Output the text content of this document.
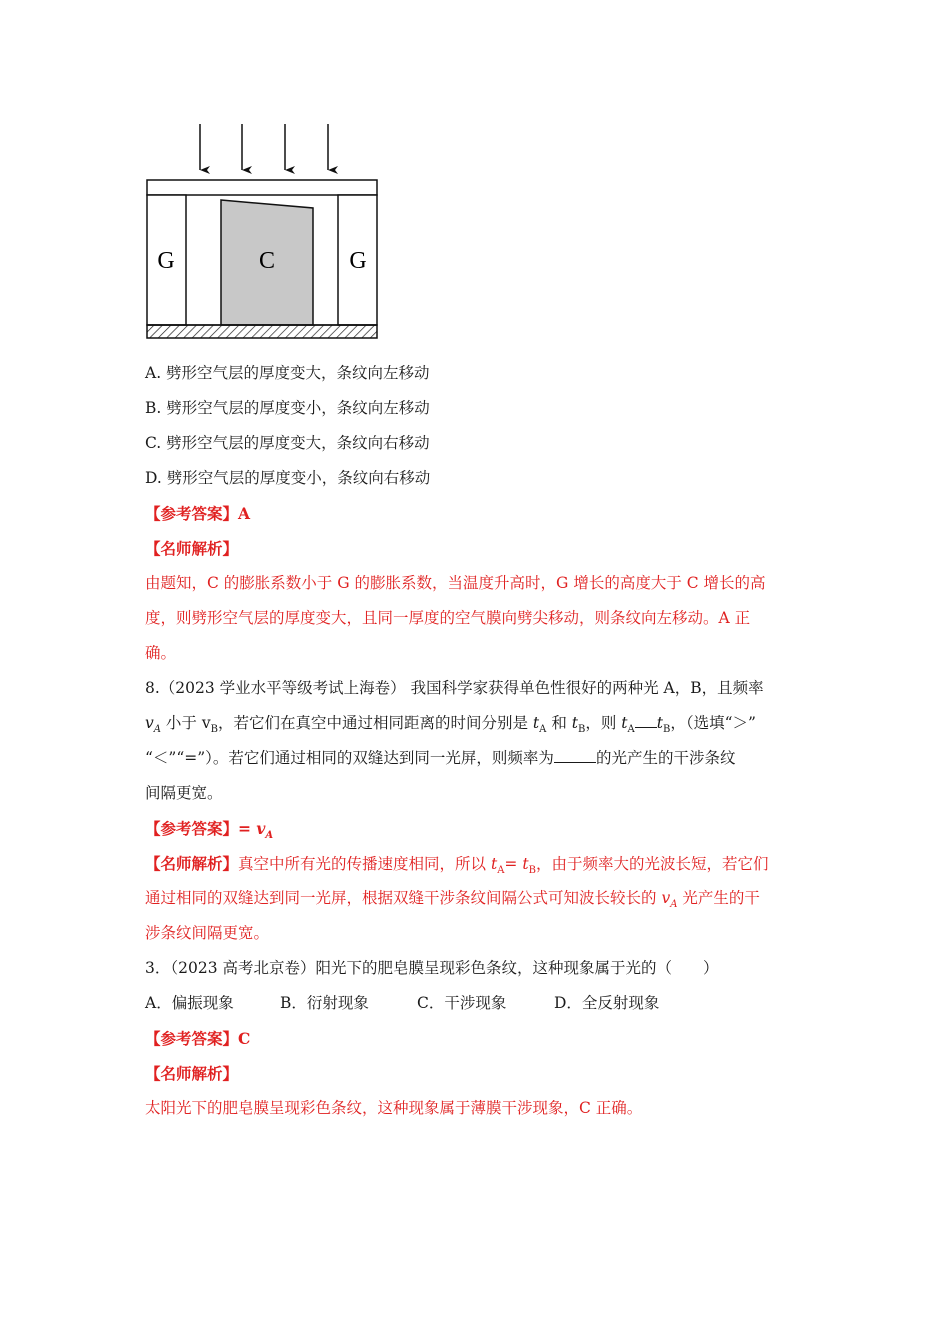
G	C	G
A. 劈形空气层的厚度变大，条纹向左移动
B. 劈形空气层的厚度变小，条纹向左移动
C. 劈形空气层的厚度变大，条纹向右移动
D. 劈形空气层的厚度变小，条纹向右移动
【参考答案】A
【名师解析】
由题知，C 的膨胀系数小于 G 的膨胀系数，当温度升高时，G 增长的高度大于 C 增长的高
度，则劈形空气层的厚度变大，且同一厚度的空气膜向劈尖移动，则条纹向左移动。A 正
确。
8.（2023 学业水平等级考试上海卷） 我国科学家获得单色性很好的两种光 A，B，且频率
$v_A$ 小于 $v_B$，若它们在真空中通过相同距离的时间分别是 $t_A$ 和 $t_B$，则 $t_A$ $t_B$，（选填“＞”
“＜”“=”）。若它们通过相同的双缝达到同一光屏，则频率为	的光产生的干涉条纹
间隔更宽。
【参考答案】= $v_A$
【名师解析】真空中所有光的传播速度相同，所以 $t_A= t_B$，由于频率大的光波长短，若它们
通过相同的双缝达到同一光屏，根据双缝干涉条纹间隔公式可知波长较长的 $v_A$ 光产生的干
涉条纹间隔更宽。
3．（2023 高考北京卷）阳光下的肥皂膜呈现彩色条纹，这种现象属于光的（　　）
A．偏振现象	B．衍射现象	C．干涉现象	D．全反射现象
【参考答案】C
【名师解析】
太阳光下的肥皂膜呈现彩色条纹，这种现象属于薄膜干涉现象，C 正确。
